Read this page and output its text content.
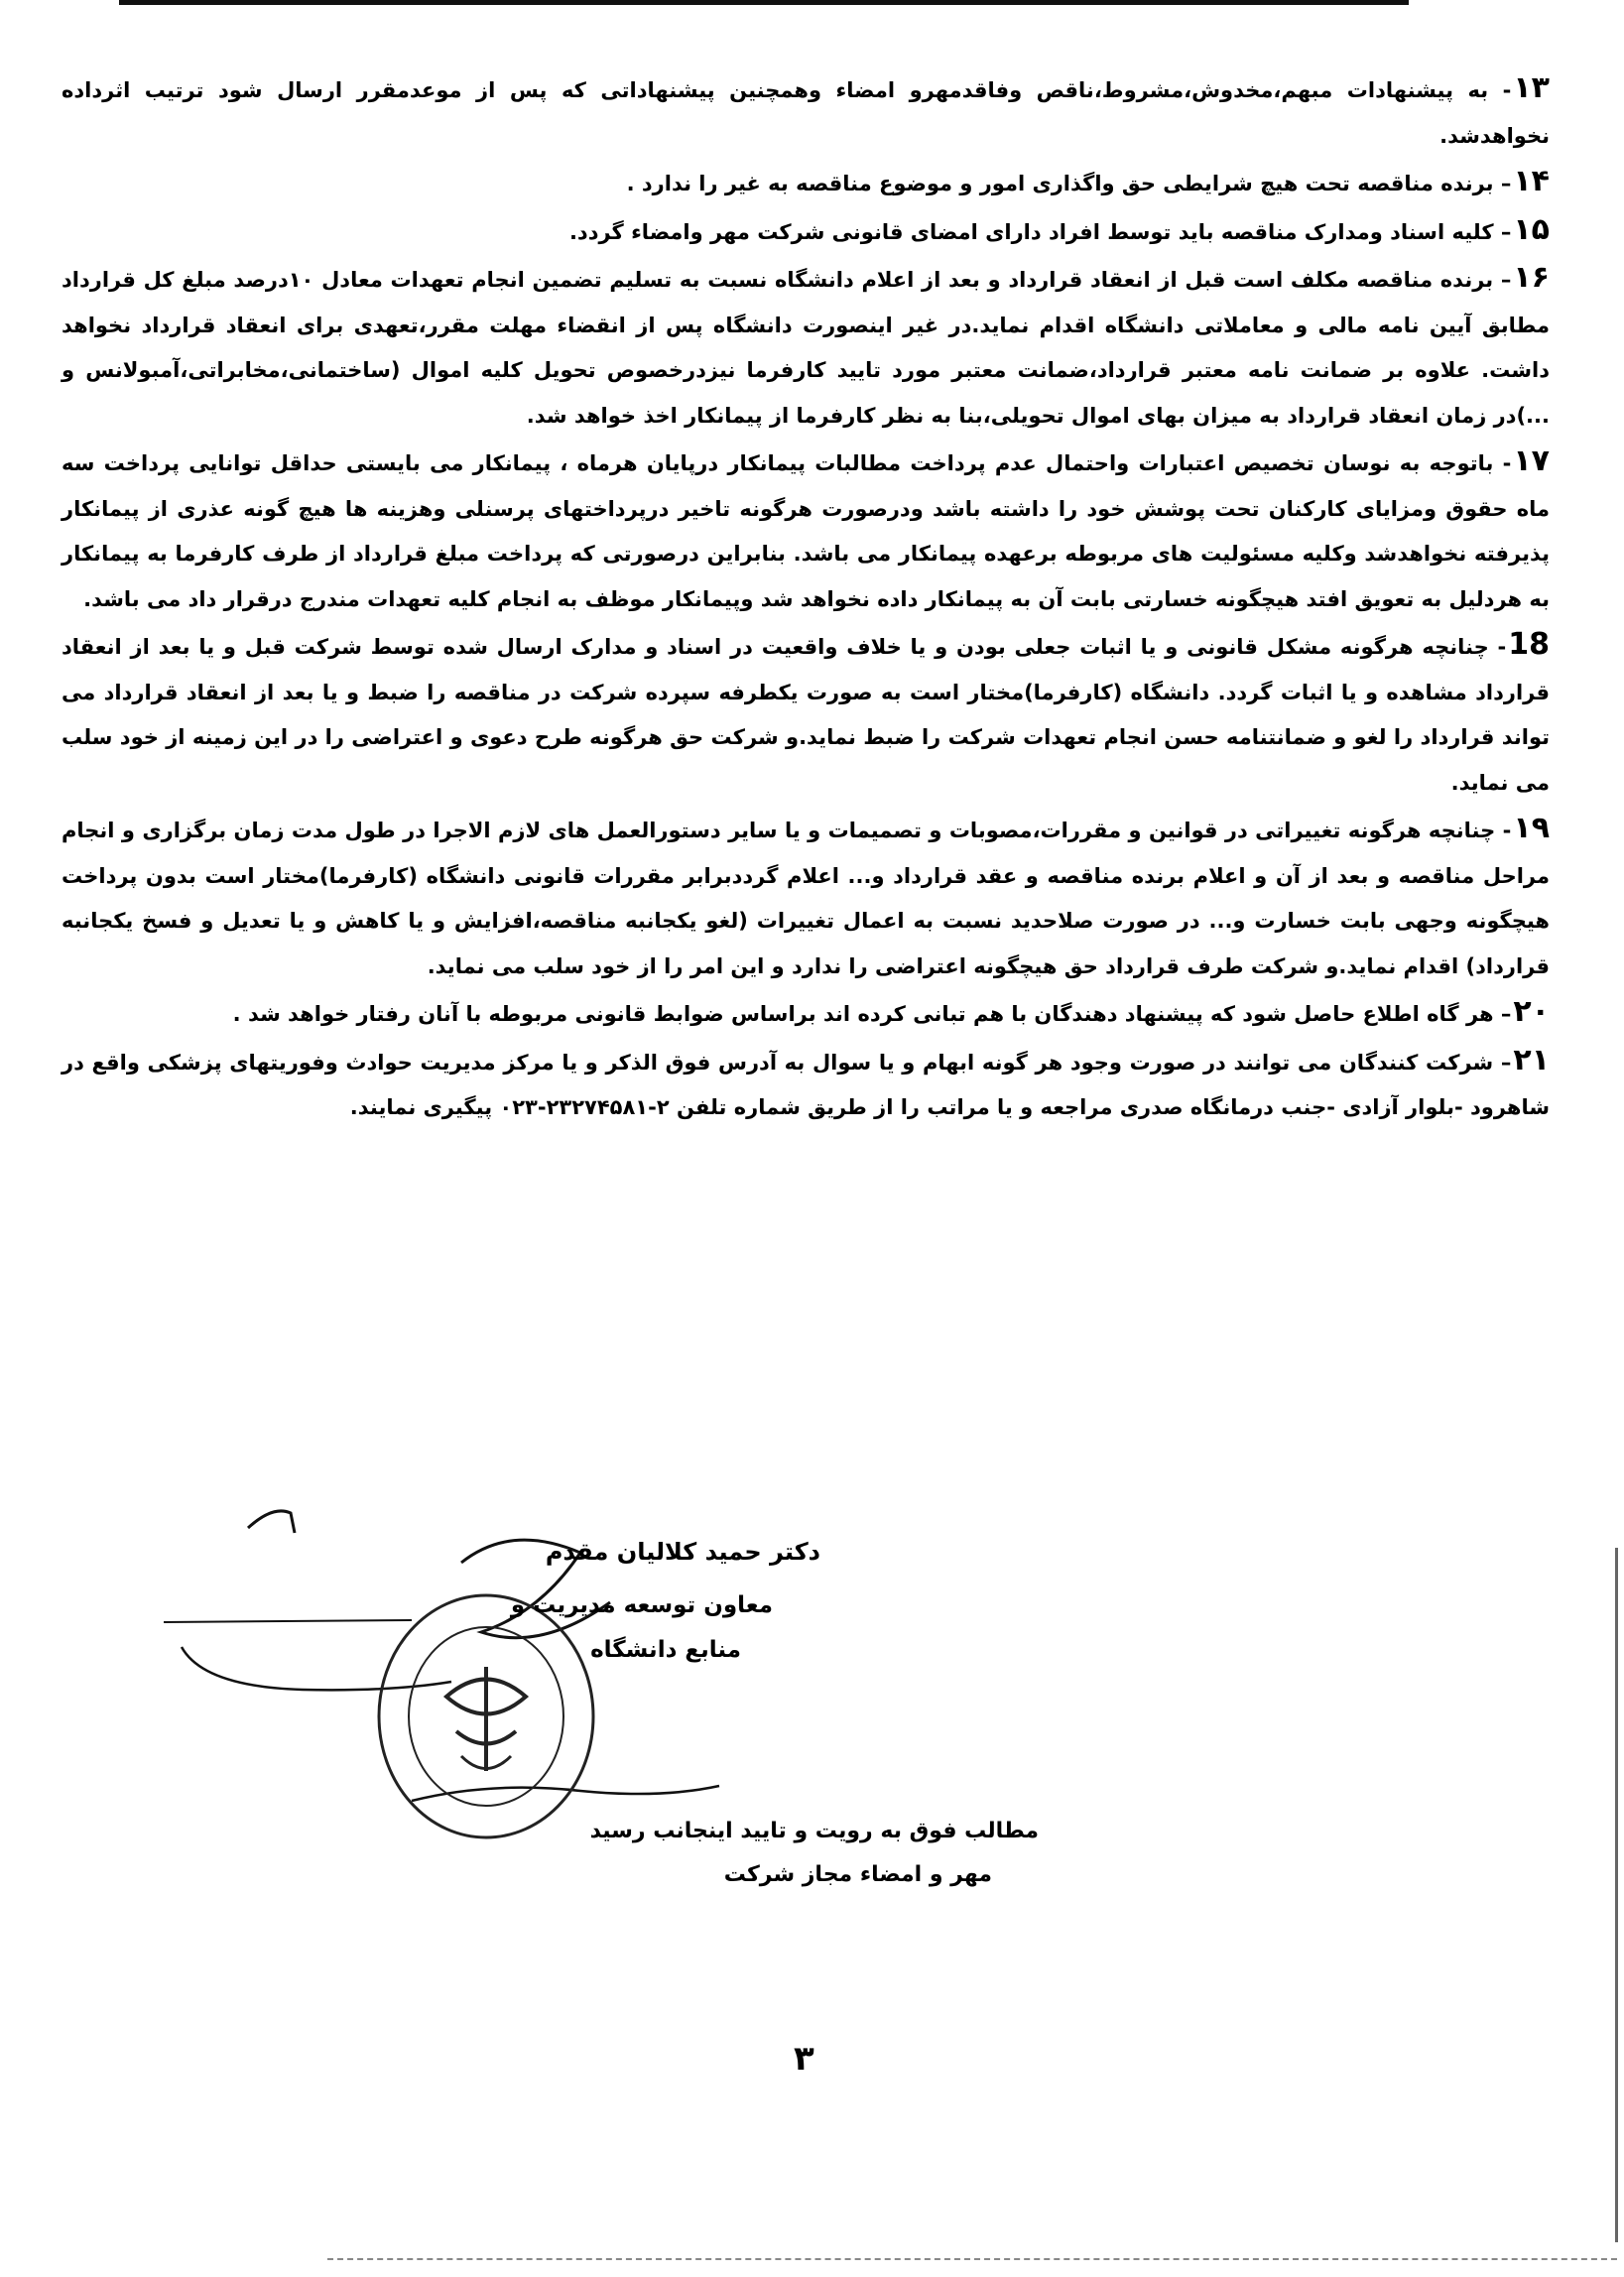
۱۳- به پیشنهادات مبهم،مخدوش،مشروط،ناقص وفاقدمهرو امضاء وهمچنین پیشنهاداتی که پس از موعدمقرر ارسال شود ترتیب اثرداده نخواهدشد.

۱۴– برنده مناقصه تحت هیچ شرایطی حق واگذاری امور و موضوع مناقصه به غیر را ندارد .

۱۵– کلیه اسناد ومدارک مناقصه باید توسط افراد دارای امضای قانونی شرکت مهر وامضاء گردد.

۱۶– برنده مناقصه مکلف است قبل از انعقاد قرارداد و بعد از اعلام دانشگاه نسبت به تسلیم تضمین انجام تعهدات معادل ۱۰درصد مبلغ کل قرارداد مطابق آیین نامه مالی و معاملاتی دانشگاه اقدام نماید.در غیر اینصورت دانشگاه پس از انقضاء مهلت مقرر،تعهدی برای انعقاد قرارداد نخواهد داشت. علاوه بر ضمانت نامه معتبر قرارداد،ضمانت معتبر مورد تایید کارفرما نیزدرخصوص تحویل کلیه اموال (ساختمانی،مخابراتی،آمبولانس و ...)در زمان انعقاد قرارداد به میزان بهای اموال تحویلی،بنا به نظر کارفرما از پیمانکار اخذ خواهد شد.

۱۷- باتوجه به نوسان تخصیص اعتبارات واحتمال عدم پرداخت مطالبات پیمانکار درپایان هرماه ، پیمانکار می بایستی حداقل توانایی پرداخت سه ماه حقوق ومزایای کارکنان تحت پوشش خود را داشته باشد ودرصورت هرگونه تاخیر درپرداختهای پرسنلی وهزینه ها هیچ گونه عذری از پیمانکار پذیرفته نخواهدشد وکلیه مسئولیت های مربوطه برعهده پیمانکار می باشد. بنابراین درصورتی که پرداخت مبلغ قرارداد از طرف کارفرما به پیمانکار به هردلیل به تعویق افتد هیچگونه خسارتی بابت آن به پیمانکار داده نخواهد شد وپیمانکار موظف به انجام کلیه تعهدات مندرج درقرار داد می باشد.

18- چنانچه هرگونه مشکل قانونی و یا اثبات جعلی بودن و یا خلاف واقعیت در اسناد و مدارک ارسال شده توسط شرکت قبل و یا بعد از انعقاد قرارداد مشاهده و یا اثبات گردد. دانشگاه (کارفرما)مختار است به صورت یکطرفه سپرده شرکت در مناقصه را ضبط و یا بعد از انعقاد قرارداد می تواند قرارداد را لغو و ضمانتنامه حسن انجام تعهدات شرکت را ضبط نماید.و شرکت حق هرگونه طرح دعوی و اعتراضی را در این زمینه از خود سلب می نماید.

۱۹- چنانچه هرگونه تغییراتی در قوانین و مقررات،مصوبات و تصمیمات و یا سایر دستورالعمل های لازم الاجرا در طول مدت زمان برگزاری و انجام مراحل مناقصه و بعد از آن و اعلام برنده مناقصه و عقد قرارداد و... اعلام گرددبرابر مقررات قانونی دانشگاه (کارفرما)مختار است بدون پرداخت هیچگونه وجهی بابت خسارت و... در صورت صلاحدید نسبت به اعمال تغییرات (لغو یکجانبه مناقصه،افزایش و یا کاهش و یا تعدیل و فسخ یکجانبه قرارداد) اقدام نماید.و شرکت طرف قرارداد حق هیچگونه اعتراضی را ندارد و این امر را از خود سلب می نماید.

۲۰– هر گاه اطلاع حاصل شود که پیشنهاد دهندگان با هم تبانی کرده اند براساس ضوابط قانونی مربوطه با آنان رفتار خواهد شد .

۲۱– شرکت کنندگان می توانند در صورت وجود هر گونه ابهام و یا سوال به آدرس فوق الذکر و یا مرکز مدیریت حوادث وفوریتهای پزشکی واقع در شاهرود -بلوار آزادی -جنب درمانگاه صدری مراجعه و یا مراتب را از طریق شماره تلفن ۲-۲۳۲۷۴۵۸۱-۰۲۳ پیگیری نمایند.

دکتر حمید کلالیان مقدم
معاون توسعه مدیریت و
منابع دانشگاه
مطالب فوق به رویت و تایید اینجانب رسید
مهر و امضاء مجاز شرکت
۳
